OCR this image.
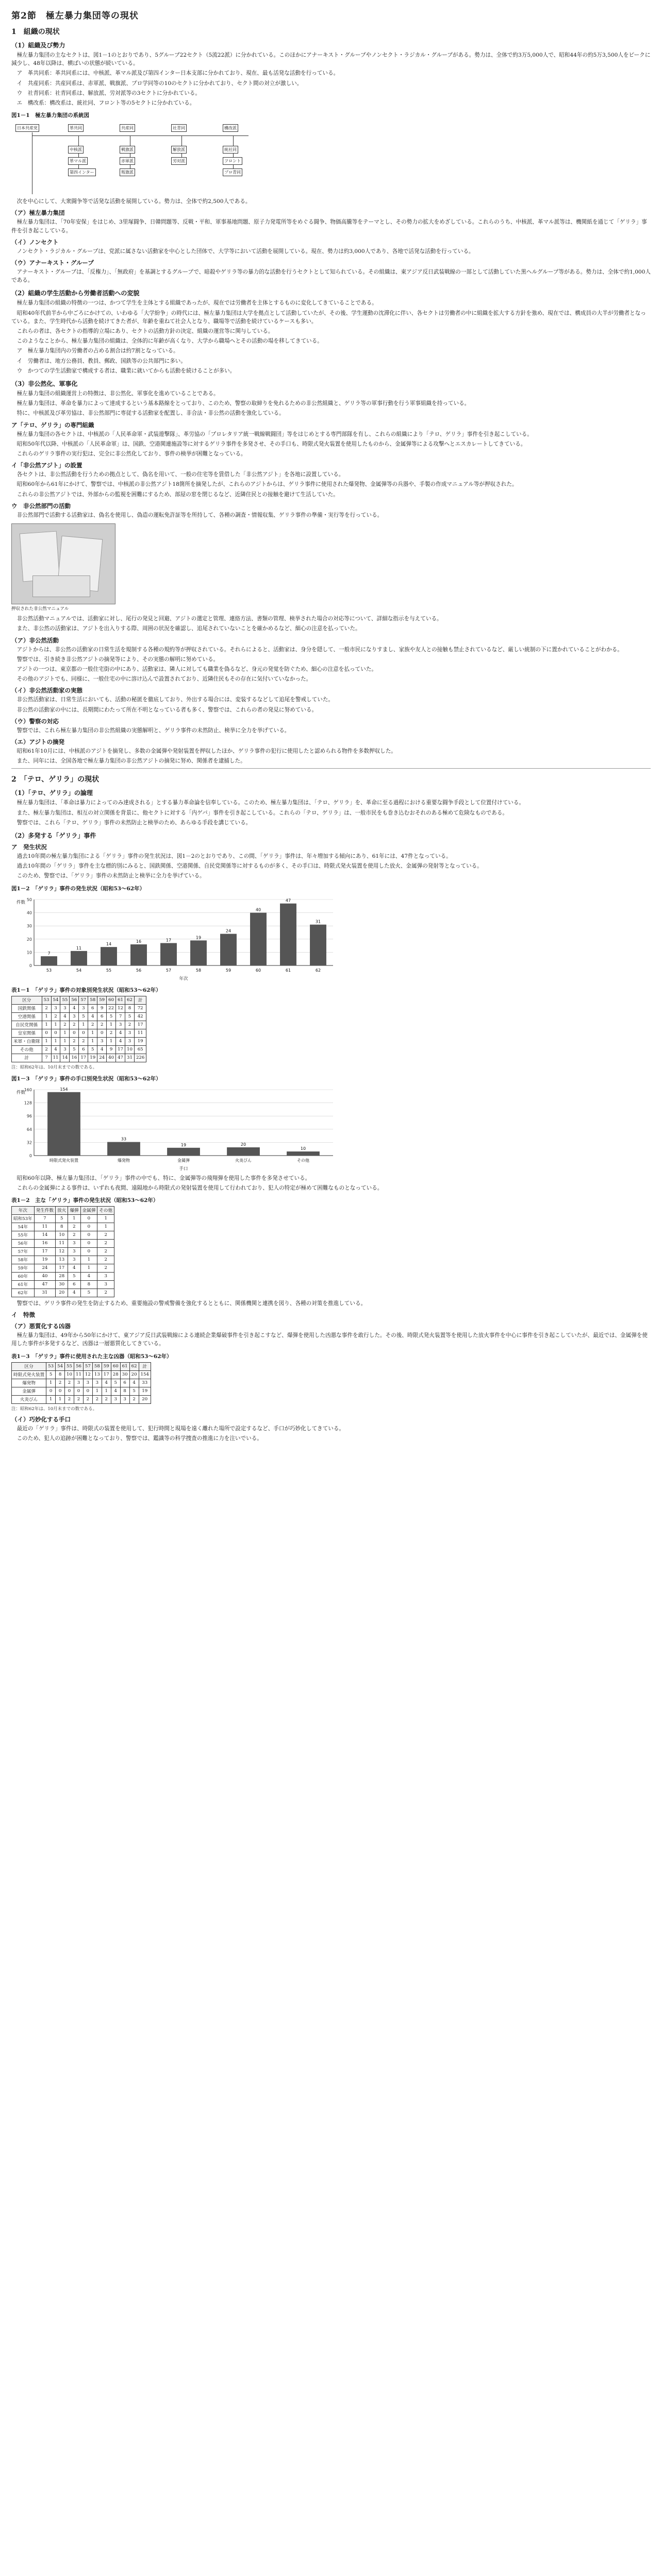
第2節　極左暴力集団等の現状
1　組織の現状
（1）組織及び勢力

極左暴力集団の主なセクトは、図1－1のとおりであり、5グループ22セクト（5流22派）に分かれている。このほかにアナーキスト・グループやノンセクト・ラジカル・グループがある。勢力は、全体で約3万5,000人で、昭和44年の約5万3,500人をピークに減少し、48年以降は、横ばいの状態が続いている。

ア　革共同系：革共同系には、中核派、革マル派及び第四インター日本支部に分かれており、現在、最も活発な活動を行っている。

イ　共産同系：共産同系は、赤軍派、戦旗派、プロ学同等の10のセクトに分かれており、セクト間の対立が激しい。

ウ　社青同系：社青同系は、解放派、労対派等の3セクトに分かれている。

エ　構改系：構改系は、統社同、フロント等の5セクトに分かれている。

図1－1　極左暴力集団の系統図
日本共産党	革共同	共産同	社青同	構改派
中核派
革マル派
第四インター
戦旗派
赤軍派
叛旗派
解放派
労対派
統社同
フロント
プロ青同

次を中心にして、大衆闘争等で活発な活動を展開している。勢力は、全体で約2,500人である。

（ア）極左暴力集団

極左暴力集団は、「70年安保」をはじめ、3里塚闘争、日韓問題等、反戦・平和、軍事基地問題、原子力発電所等をめぐる闘争、物価高騰等をテーマとし、その勢力の拡大をめざしている。これらのうち、中核派、革マル派等は、機関紙を通じて「ゲリラ」事件を引き起こしている。

（イ）ノンセクト

ノンセクト・ラジカル・グループは、党派に属さない活動家を中心とした団体で、大学等において活動を展開している。現在、勢力は約3,000人であり、各地で活発な活動を行っている。

（ウ）アナーキスト・グループ

アナーキスト・グループは、「反権力」、「無政府」を基調とするグループで、暗殺やゲリラ等の暴力的な活動を行うセクトとして知られている。その組織は、東アジア反日武装戦線の一部として活動していた黒ヘルグループ等がある。勢力は、全体で約1,000人である。

（2）組織の学生活動から労働者活動への変貌

極左暴力集団の組織の特徴の一つは、かつて学生を主体とする組織であったが、現在では労働者を主体とするものに変化してきていることである。

昭和40年代前半から中ごろにかけての、いわゆる「大学紛争」の時代には、極左暴力集団は大学を拠点として活動していたが、その後、学生運動の沈滞化に伴い、各セクトは労働者の中に組織を拡大する方針を強め、現在では、構成員の大半が労働者となっている。また、学生時代から活動を続けてきた者が、年齢を重ねて社会人となり、職場等で活動を続けているケースも多い。

これらの者は、各セクトの指導的立場にあり、セクトの活動方針の決定、組織の運営等に関与している。

このようなことから、極左暴力集団の組織は、全体的に年齢が高くなり、大学から職場へとその活動の場を移してきている。

ア　極左暴力集団内の労働者の占める割合は約7割となっている。

イ　労働者は、地方公務員、教員、郵政、国鉄等の公共部門に多い。

ウ　かつての学生活動家で構成する者は、職業に就いてからも活動を続けることが多い。

（3）非公然化、軍事化

極左暴力集団の組織運営上の特徴は、非公然化、軍事化を進めていることである。

極左暴力集団は、革命を暴力によって達成するという基本路線をとっており、このため、警察の取締りを免れるための非公然組織と、ゲリラ等の軍事行動を行う軍事組織を持っている。

特に、中核派及び革労協は、非公然部門に専従する活動家を配置し、非合法・非公然の活動を強化している。

ア「テロ、ゲリラ」の専門組織

極左暴力集団の各セクトは、中核派の「人民革命軍・武装遊撃隊」、革労協の「プロレタリア統一戦線戦闘団」等をはじめとする専門部隊を有し、これらの組織により「テロ、ゲリラ」事件を引き起こしている。

昭和50年代以降、中核派の「人民革命軍」は、国鉄、空港関連施設等に対するゲリラ事件を多発させ、その手口も、時限式発火装置を使用したものから、金属弾等による攻撃へとエスカレートしてきている。

これらのゲリラ事件の実行犯は、完全に非公然化しており、事件の検挙が困難となっている。

イ「非公然アジト」の設置

各セクトは、非公然活動を行うための拠点として、偽名を用いて、一般の住宅等を賃借した「非公然アジト」を各地に設置している。

昭和60年から61年にかけて、警察では、中核派の非公然アジト18箇所を摘発したが、これらのアジトからは、ゲリラ事件に使用された爆発物、金属弾等の兵器や、手製の作成マニュアル等が押収された。

これらの非公然アジトでは、外部からの監視を困難にするため、部屋の窓を閉じるなど、近隣住民との接触を避けて生活していた。

ウ　非公然部門の活動

非公然部門で活動する活動家は、偽名を使用し、偽造の運転免許証等を所持して、各種の調査・情報収集、ゲリラ事件の準備・実行等を行っている。

押収された非公然マニュアル

非公然活動マニュアルでは、活動家に対し、尾行の発見と回避、アジトの選定と管理、連絡方法、書類の管理、検挙された場合の対応等について、詳細な指示を与えている。

また、非公然の活動家は、アジトを出入りする際、周囲の状況を確認し、追尾されていないことを確かめるなど、細心の注意を払っていた。

（ア）非公然活動

アジトからは、非公然の活動家の日常生活を規制する各種の規約等が押収されている。それらによると、活動家は、身分を隠して、一般市民になりすまし、家族や友人との接触も禁止されているなど、厳しい統制の下に置かれていることがわかる。

警察では、引き続き非公然アジトの摘発等により、その実態の解明に努めている。

アジトの一つは、東京都の一般住宅街の中にあり、活動家は、隣人に対しても職業を偽るなど、身元の発覚を防ぐため、細心の注意を払っていた。

その他のアジトでも、同様に、一般住宅の中に溶け込んで設置されており、近隣住民もその存在に気付いていなかった。

（イ）非公然活動家の実態

非公然活動家は、日常生活においても、活動の秘匿を徹底しており、外出する場合には、変装するなどして追尾を警戒していた。

非公然の活動家の中には、長期間にわたって所在不明となっている者も多く、警察では、これらの者の発見に努めている。

（ウ）警察の対応

警察では、これら極左暴力集団の非公然組織の実態解明と、ゲリラ事件の未然防止、検挙に全力を挙げている。

（エ）アジトの摘発

昭和61年10月には、中核派のアジトを摘発し、多数の金属弾や発射装置を押収したほか、ゲリラ事件の犯行に使用したと認められる物件を多数押収した。

また、同年には、全国各地で極左暴力集団の非公然アジトの摘発に努め、関係者を逮捕した。

2　「テロ、ゲリラ」の現状
（1）「テロ、ゲリラ」の論理

極左暴力集団は、「革命は暴力によってのみ達成される」とする暴力革命論を信奉している。このため、極左暴力集団は、「テロ、ゲリラ」を、革命に至る過程における重要な闘争手段として位置付けている。

また、極左暴力集団は、相互の対立関係を背景に、他セクトに対する「内ゲバ」事件を引き起こしている。これらの「テロ、ゲリラ」は、一般市民をも巻き込むおそれのある極めて危険なものである。

警察では、これら「テロ、ゲリラ」事件の未然防止と検挙のため、あらゆる手段を講じている。

（2）多発する「ゲリラ」事件
ア　発生状況

過去10年間の極左暴力集団による「ゲリラ」事件の発生状況は、図1－2のとおりであり、この間、「ゲリラ」事件は、年々増加する傾向にあり、61年には、47件となっている。

過去10年間の「ゲリラ」事件を主な標的別にみると、国鉄関係、空港関係、自民党関係等に対するものが多く、その手口は、時限式発火装置を使用した放火、金属弾の発射等となっている。

このため、警察では、「ゲリラ」事件の未然防止と検挙に全力を挙げている。

図1－2　「ゲリラ」事件の発生状況（昭和53～62年）
0
10
20
30
40
50
7
53
11
54
14
55
16
56
17
57
19
58
24
59
40
60
47
61
31
62
年次
件数
表1－1　「ゲリラ」事件の対象別発生状況（昭和53～62年）
区分	53	54	55	56	57	58	59	60	61	62	計
国鉄関係	2	3	3	4	3	6	9	22	12	8	72
空港関係	1	2	4	3	5	4	6	5	7	5	42
自民党関係	1	1	2	2	1	2	2	1	3	2	17
皇室関係	0	0	1	0	0	1	0	2	4	3	11
米軍・自衛隊	1	1	1	2	2	1	3	1	4	3	19
その他	2	4	3	5	6	5	4	9	17	10	65
計	7	11	14	16	17	19	24	40	47	31	226
注：昭和62年は、10月末までの数である。
図1－3　「ゲリラ」事件の手口別発生状況（昭和53～62年）
0
32
64
96
128
160	154
時限式発火装置
33
爆発物
19
金属弾
20
火炎びん
10
その他
手口
件数

昭和60年以降、極左暴力集団は、「ゲリラ」事件の中でも、特に、金属弾等の飛翔弾を使用した事件を多発させている。

これらの金属弾による事件は、いずれも夜間、遠隔地から時限式の発射装置を使用して行われており、犯人の特定が極めて困難なものとなっている。

表1－2　主な「ゲリラ」事件の発生状況（昭和53～62年）
年次	発生件数	放火	爆弾	金属弾	その他
昭和53年	7	5	1	0	1
54年	11	8	2	0	1
55年	14	10	2	0	2
56年	16	11	3	0	2
57年	17	12	3	0	2
58年	19	13	3	1	2
59年	24	17	4	1	2
60年	40	28	5	4	3
61年	47	30	6	8	3
62年	31	20	4	5	2

警察では、ゲリラ事件の発生を防止するため、重要施設の警戒警備を強化するとともに、関係機関と連携を図り、各種の対策を推進している。

イ　特徴
（ア）悪質化する凶器

極左暴力集団は、49年から50年にかけて、東アジア反日武装戦線による連続企業爆破事件を引き起こすなど、爆弾を使用した凶悪な事件を敢行した。その後、時限式発火装置等を使用した放火事件を中心に事件を引き起こしていたが、最近では、金属弾を使用した事件が多発するなど、凶器は一層悪質化してきている。

表1－3　「ゲリラ」事件に使用された主な凶器（昭和53～62年）
区分	53	54	55	56	57	58	59	60	61	62	計
時限式発火装置	5	8	10	11	12	13	17	28	30	20	154
爆発物	1	2	2	3	3	3	4	5	6	4	33
金属弾	0	0	0	0	0	1	1	4	8	5	19
火炎びん	1	1	2	2	2	2	2	3	3	2	20
注：昭和62年は、10月末までの数である。
（イ）巧妙化する手口

最近の「ゲリラ」事件は、時限式の装置を使用して、犯行時間と現場を遠く離れた場所で設定するなど、手口が巧妙化してきている。

このため、犯人の追跡が困難となっており、警察では、鑑識等の科学捜査の推進に力を注いでいる。
